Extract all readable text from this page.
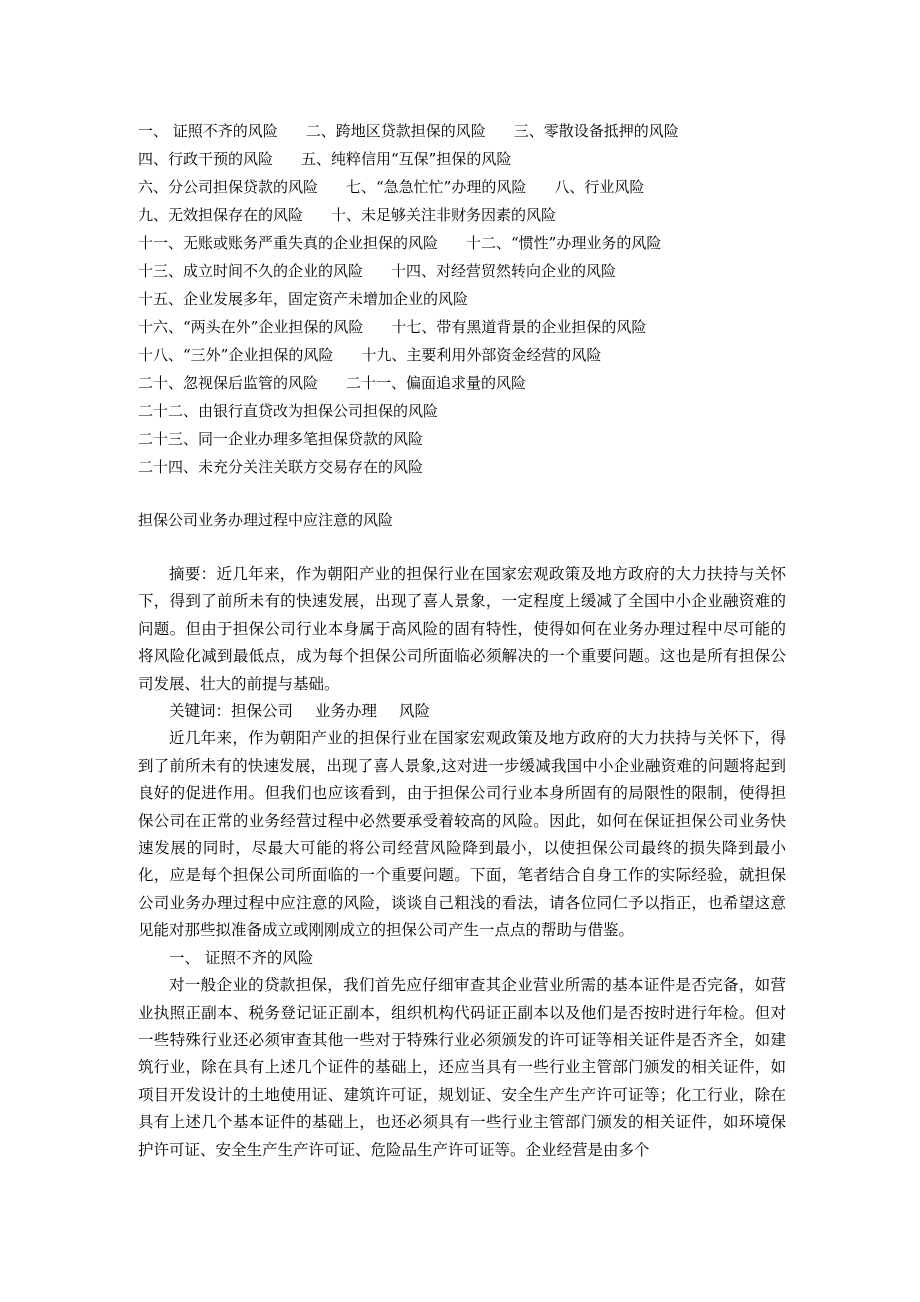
一、 证照不齐的风险 二、跨地区贷款担保的风险 三、零散设备抵押的风险
四、行政干预的风险 五、纯粹信用“互保”担保的风险
六、分公司担保贷款的风险 七、“急急忙忙”办理的风险 八、行业风险
九、无效担保存在的风险 十、未足够关注非财务因素的风险
十一、无账或账务严重失真的企业担保的风险 十二、“惯性”办理业务的风险
十三、成立时间不久的企业的风险 十四、对经营贸然转向企业的风险
十五、企业发展多年，固定资产未增加企业的风险
十六、“两头在外”企业担保的风险 十七、带有黑道背景的企业担保的风险
十八、“三外”企业担保的风险 十九、主要利用外部资金经营的风险
二十、忽视保后监管的风险 二十一、偏面追求量的风险
二十二、由银行直贷改为担保公司担保的风险
二十三、同一企业办理多笔担保贷款的风险
二十四、未充分关注关联方交易存在的风险
担保公司业务办理过程中应注意的风险

摘要：近几年来，作为朝阳产业的担保行业在国家宏观政策及地方政府的大力扶持与关怀下，得到了前所未有的快速发展，出现了喜人景象，一定程度上缓减了全国中小企业融资难的问题。但由于担保公司行业本身属于高风险的固有特性，使得如何在业务办理过程中尽可能的将风险化减到最低点，成为每个担保公司所面临必须解决的一个重要问题。这也是所有担保公司发展、壮大的前提与基础。

关键词：担保公司 业务办理 风险

近几年来，作为朝阳产业的担保行业在国家宏观政策及地方政府的大力扶持与关怀下，得到了前所未有的快速发展，出现了喜人景象,这对进一步缓减我国中小企业融资难的问题将起到良好的促进作用。但我们也应该看到，由于担保公司行业本身所固有的局限性的限制，使得担保公司在正常的业务经营过程中必然要承受着较高的风险。因此，如何在保证担保公司业务快速发展的同时，尽最大可能的将公司经营风险降到最小，以使担保公司最终的损失降到最小化，应是每个担保公司所面临的一个重要问题。下面，笔者结合自身工作的实际经验，就担保公司业务办理过程中应注意的风险，谈谈自己粗浅的看法，请各位同仁予以指正，也希望这意见能对那些拟准备成立或刚刚成立的担保公司产生一点点的帮助与借鉴。

一、 证照不齐的风险

对一般企业的贷款担保，我们首先应仔细审查其企业营业所需的基本证件是否完备，如营业执照正副本、税务登记证正副本，组织机构代码证正副本以及他们是否按时进行年检。但对一些特殊行业还必须审查其他一些对于特殊行业必须颁发的许可证等相关证件是否齐全，如建筑行业，除在具有上述几个证件的基础上，还应当具有一些行业主管部门颁发的相关证件，如项目开发设计的土地使用证、建筑许可证，规划证、安全生产生产许可证等；化工行业，除在具有上述几个基本证件的基础上，也还必须具有一些行业主管部门颁发的相关证件，如环境保护许可证、安全生产生产许可证、危险品生产许可证等。企业经营是由多个
